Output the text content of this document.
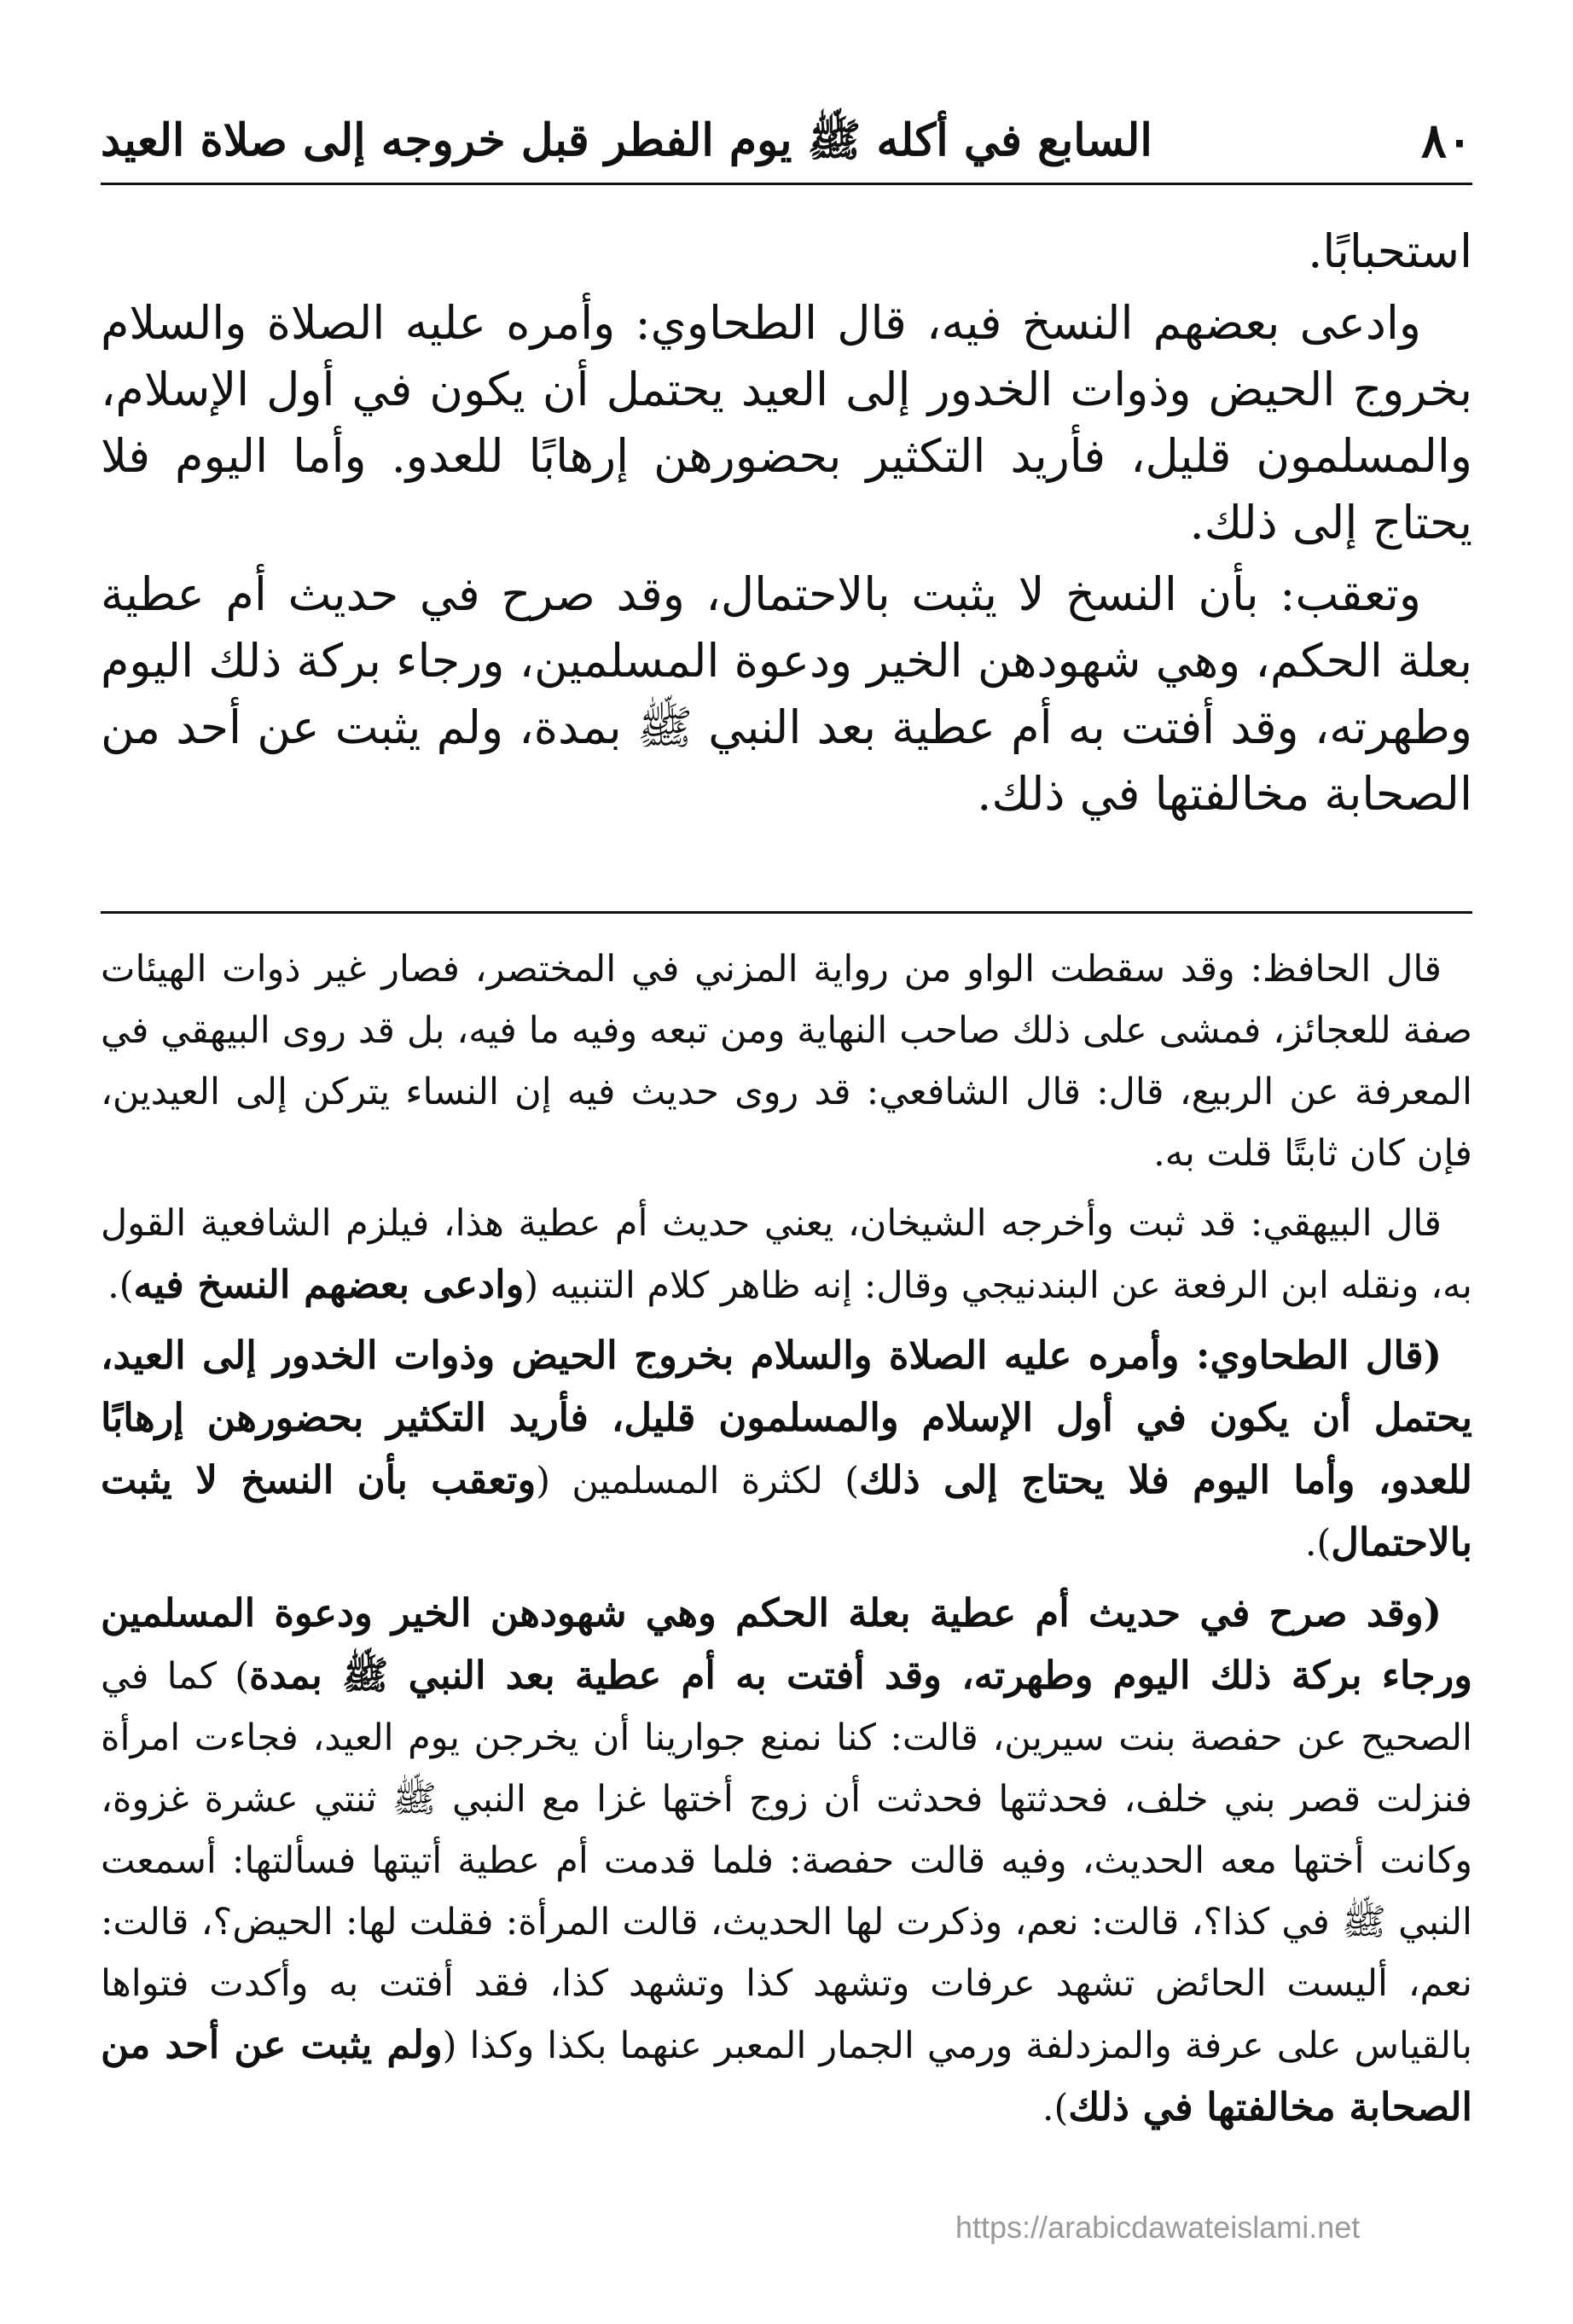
٨٠
السابع في أكله ﷺ يوم الفطر قبل خروجه إلى صلاة العيد

استحبابًا.

وادعى بعضهم النسخ فيه، قال الطحاوي: وأمره عليه الصلاة والسلام بخروج الحيض وذوات الخدور إلى العيد يحتمل أن يكون في أول الإسلام، والمسلمون قليل، فأريد التكثير بحضورهن إرهابًا للعدو. وأما اليوم فلا يحتاج إلى ذلك.

وتعقب: بأن النسخ لا يثبت بالاحتمال، وقد صرح في حديث أم عطية بعلة الحكم، وهي شهودهن الخير ودعوة المسلمين، ورجاء بركة ذلك اليوم وطهرته، وقد أفتت به أم عطية بعد النبي ﷺ بمدة، ولم يثبت عن أحد من الصحابة مخالفتها في ذلك.

قال الحافظ: وقد سقطت الواو من رواية المزني في المختصر، فصار غير ذوات الهيئات صفة للعجائز، فمشى على ذلك صاحب النهاية ومن تبعه وفيه ما فيه، بل قد روى البيهقي في المعرفة عن الربيع، قال: قال الشافعي: قد روى حديث فيه إن النساء يتركن إلى العيدين، فإن كان ثابتًا قلت به.

قال البيهقي: قد ثبت وأخرجه الشيخان، يعني حديث أم عطية هذا، فيلزم الشافعية القول به، ونقله ابن الرفعة عن البندنيجي وقال: إنه ظاهر كلام التنبيه (وادعى بعضهم النسخ فيه).

(قال الطحاوي: وأمره عليه الصلاة والسلام بخروج الحيض وذوات الخدور إلى العيد، يحتمل أن يكون في أول الإسلام والمسلمون قليل، فأريد التكثير بحضورهن إرهابًا للعدو، وأما اليوم فلا يحتاج إلى ذلك) لكثرة المسلمين (وتعقب بأن النسخ لا يثبت بالاحتمال).

(وقد صرح في حديث أم عطية بعلة الحكم وهي شهودهن الخير ودعوة المسلمين ورجاء بركة ذلك اليوم وطهرته، وقد أفتت به أم عطية بعد النبي ﷺ بمدة) كما في الصحيح عن حفصة بنت سيرين، قالت: كنا نمنع جوارينا أن يخرجن يوم العيد، فجاءت امرأة فنزلت قصر بني خلف، فحدثتها فحدثت أن زوج أختها غزا مع النبي ﷺ ثنتي عشرة غزوة، وكانت أختها معه الحديث، وفيه قالت حفصة: فلما قدمت أم عطية أتيتها فسألتها: أسمعت النبي ﷺ في كذا؟، قالت: نعم، وذكرت لها الحديث، قالت المرأة: فقلت لها: الحيض؟، قالت: نعم، أليست الحائض تشهد عرفات وتشهد كذا وتشهد كذا، فقد أفتت به وأكدت فتواها بالقياس على عرفة والمزدلفة ورمي الجمار المعبر عنهما بكذا وكذا (ولم يثبت عن أحد من الصحابة مخالفتها في ذلك).

https://arabicdawateislami.net
